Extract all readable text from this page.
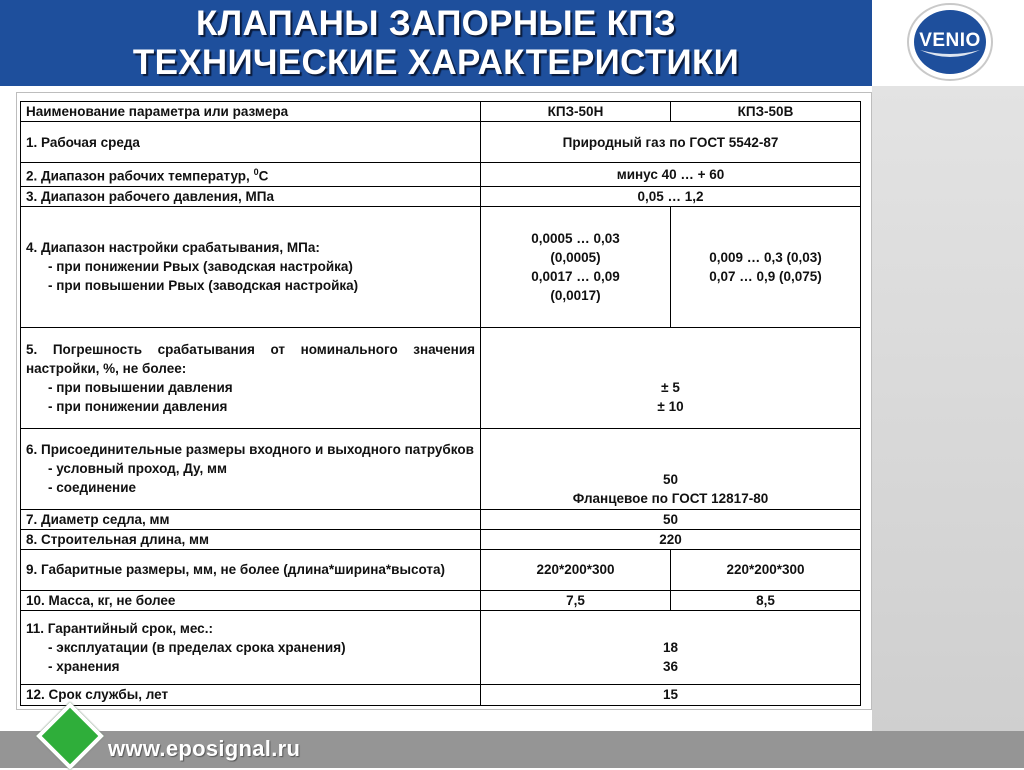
КЛАПАНЫ ЗАПОРНЫЕ КПЗ
ТЕХНИЧЕСКИЕ ХАРАКТЕРИСТИКИ
VENIO
Наименование параметра или размера	КПЗ-50Н	КПЗ-50В
1. Рабочая среда	Природный газ по ГОСТ 5542-87	
2. Диапазон рабочих температур, $^0$С	минус 40 … + 60	
3. Диапазон рабочего давления, МПа	0,05 … 1,2	

4. Диапазон настройки срабатывания, МПа:
- при понижении Рвых (заводская настройка)
- при повышении Рвых (заводская настройка)	0,0005 … 0,03
(0,0005)
0,0017 … 0,09
(0,0017)	0,009 … 0,3 (0,03)
0,07 … 0,9 (0,075)

5. Погрешность срабатывания от номинального значения настройки, %, не более:
- при повышении давления
- при понижении давления	± 5
± 10	

6. Присоединительные размеры входного и выходного патрубков
- условный проход, Ду, мм
- соединение	50
Фланцевое по ГОСТ 12817-80	

7. Диаметр седла, мм	50	
8. Строительная длина, мм	220	
9. Габаритные размеры, мм, не более (длина*ширина*высота)	220*200*300	220*200*300
10. Масса, кг, не более	7,5	8,5

11. Гарантийный срок, мес.:
- эксплуатации (в пределах срока хранения)
- хранения	18
36	

12. Срок службы, лет	15	
www.eposignal.ru
